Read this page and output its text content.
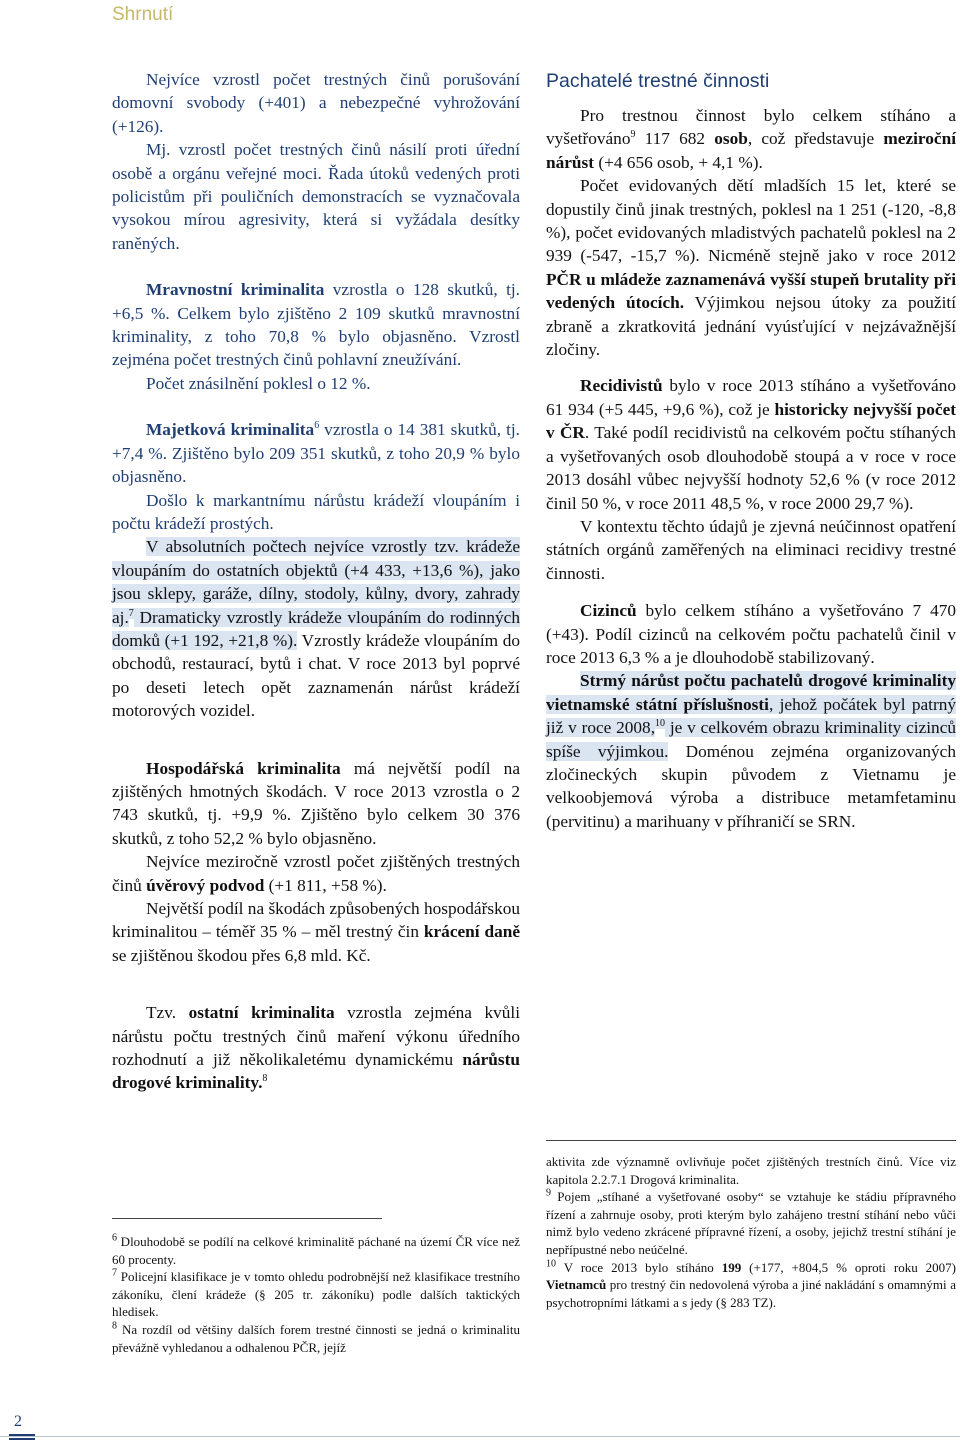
Shrnutí

Nejvíce vzrostl počet trestných činů porušování domovní svobody (+401) a nebezpečné vyhrožování (+126).

Mj. vzrostl počet trestných činů násilí proti úřední osobě a orgánu veřejné moci. Řada útoků vedených proti policistům při pouličních demonstracích se vyznačovala vysokou mírou agresivity, která si vyžádala desítky raněných.

Mravnostní kriminalita vzrostla o 128 skutků, tj. +6,5 %. Celkem bylo zjištěno 2 109 skutků mravnostní kriminality, z toho 70,8 % bylo objasněno. Vzrostl zejména počet trestných činů pohlavní zneužívání.

Počet znásilnění poklesl o 12 %.

Majetková kriminalita$^6$ vzrostla o 14 381 skutků, tj. +7,4 %. Zjištěno bylo 209 351 skutků, z toho 20,9 % bylo objasněno.

Došlo k markantnímu nárůstu krádeží vloupáním i počtu krádeží prostých.

V absolutních počtech nejvíce vzrostly tzv. krádeže vloupáním do ostatních objektů (+4 433, +13,6 %), jako jsou sklepy, garáže, dílny, stodoly, kůlny, dvory, zahrady aj.$^7$ Dramaticky vzrostly krádeže vloupáním do rodinných domků (+1 192, +21,8 %). Vzrostly krádeže vloupáním do obchodů, restaurací, bytů i chat. V roce 2013 byl poprvé po deseti letech opět zaznamenán nárůst krádeží motorových vozidel.

Hospodářská kriminalita má největší podíl na zjištěných hmotných škodách. V roce 2013 vzrostla o 2 743 skutků, tj. +9,9 %. Zjištěno bylo celkem 30 376 skutků, z toho 52,2 % bylo objasněno.

Nejvíce meziročně vzrostl počet zjištěných trestných činů úvěrový podvod (+1 811, +58 %).

Největší podíl na škodách způsobených hospodářskou kriminalitou – téměř 35 % – měl trestný čin krácení daně se zjištěnou škodou přes 6,8 mld. Kč.

Tzv. ostatní kriminalita vzrostla zejména kvůli nárůstu počtu trestných činů maření výkonu úředního rozhodnutí a již několikaletému dynamickému nárůstu drogové kriminality.$^8$

Pachatelé trestné činnosti

Pro trestnou činnost bylo celkem stíháno a vyšetřováno$^9$ 117 682 osob, což představuje meziroční nárůst (+4 656 osob, + 4,1 %).

Počet evidovaných dětí mladších 15 let, které se dopustily činů jinak trestných, poklesl na 1 251 (-120, -8,8 %), počet evidovaných mladistvých pachatelů poklesl na 2 939 (-547, -15,7 %). Nicméně stejně jako v roce 2012 PČR u mládeže zaznamenává vyšší stupeň brutality při vedených útocích. Výjimkou nejsou útoky za použití zbraně a zkratkovitá jednání vyúsťující v nejzávažnější zločiny.

Recidivistů bylo v roce 2013 stíháno a vyšetřováno 61 934 (+5 445, +9,6 %), což je historicky nejvyšší počet v ČR. Také podíl recidivistů na celkovém počtu stíhaných a vyšetřovaných osob dlouhodobě stoupá a v roce v roce 2013 dosáhl vůbec nejvyšší hodnoty 52,6 % (v roce 2012 činil 50 %, v roce 2011 48,5 %, v roce 2000 29,7 %).

V kontextu těchto údajů je zjevná neúčinnost opatření státních orgánů zaměřených na eliminaci recidivy trestné činnosti.

Cizinců bylo celkem stíháno a vyšetřováno 7 470 (+43). Podíl cizinců na celkovém počtu pachatelů činil v roce 2013 6,3 % a je dlouhodobě stabilizovaný.

Strmý nárůst počtu pachatelů drogové kriminality vietnamské státní příslušnosti, jehož počátek byl patrný již v roce 2008,10 je v celkovém obrazu kriminality cizinců spíše výjimkou. Doménou zejména organizovaných zločineckých skupin původem z Vietnamu je velkoobjemová výroba a distribuce metamfetaminu (pervitinu) a marihuany v příhraničí se SRN.

$^6$ Dlouhodobě se podílí na celkové kriminalitě páchané na území ČR více než 60 procenty.

$^7$ Policejní klasifikace je v tomto ohledu podrobnější než klasifikace trestního zákoníku, člení krádeže (§ 205 tr. zákoníku) podle dalších taktických hledisek.

$^8$ Na rozdíl od většiny dalších forem trestné činnosti se jedná o kriminalitu převážně vyhledanou a odhalenou PČR, jejíž

aktivita zde významně ovlivňuje počet zjištěných trestních činů. Více viz kapitola 2.2.7.1 Drogová kriminalita.

$^9$ Pojem „stíhané a vyšetřované osoby“ se vztahuje ke stádiu přípravného řízení a zahrnuje osoby, proti kterým bylo zahájeno trestní stíhání nebo vůči nimž bylo vedeno zkrácené přípravné řízení, a osoby, jejichž trestní stíhání je nepřípustné nebo neúčelné.

$^{10}$ V roce 2013 bylo stíháno 199 (+177, +804,5 % oproti roku 2007) Vietnamců pro trestný čin nedovolená výroba a jiné nakládání s omamnými a psychotropními látkami a s jedy (§ 283 TZ).

2
